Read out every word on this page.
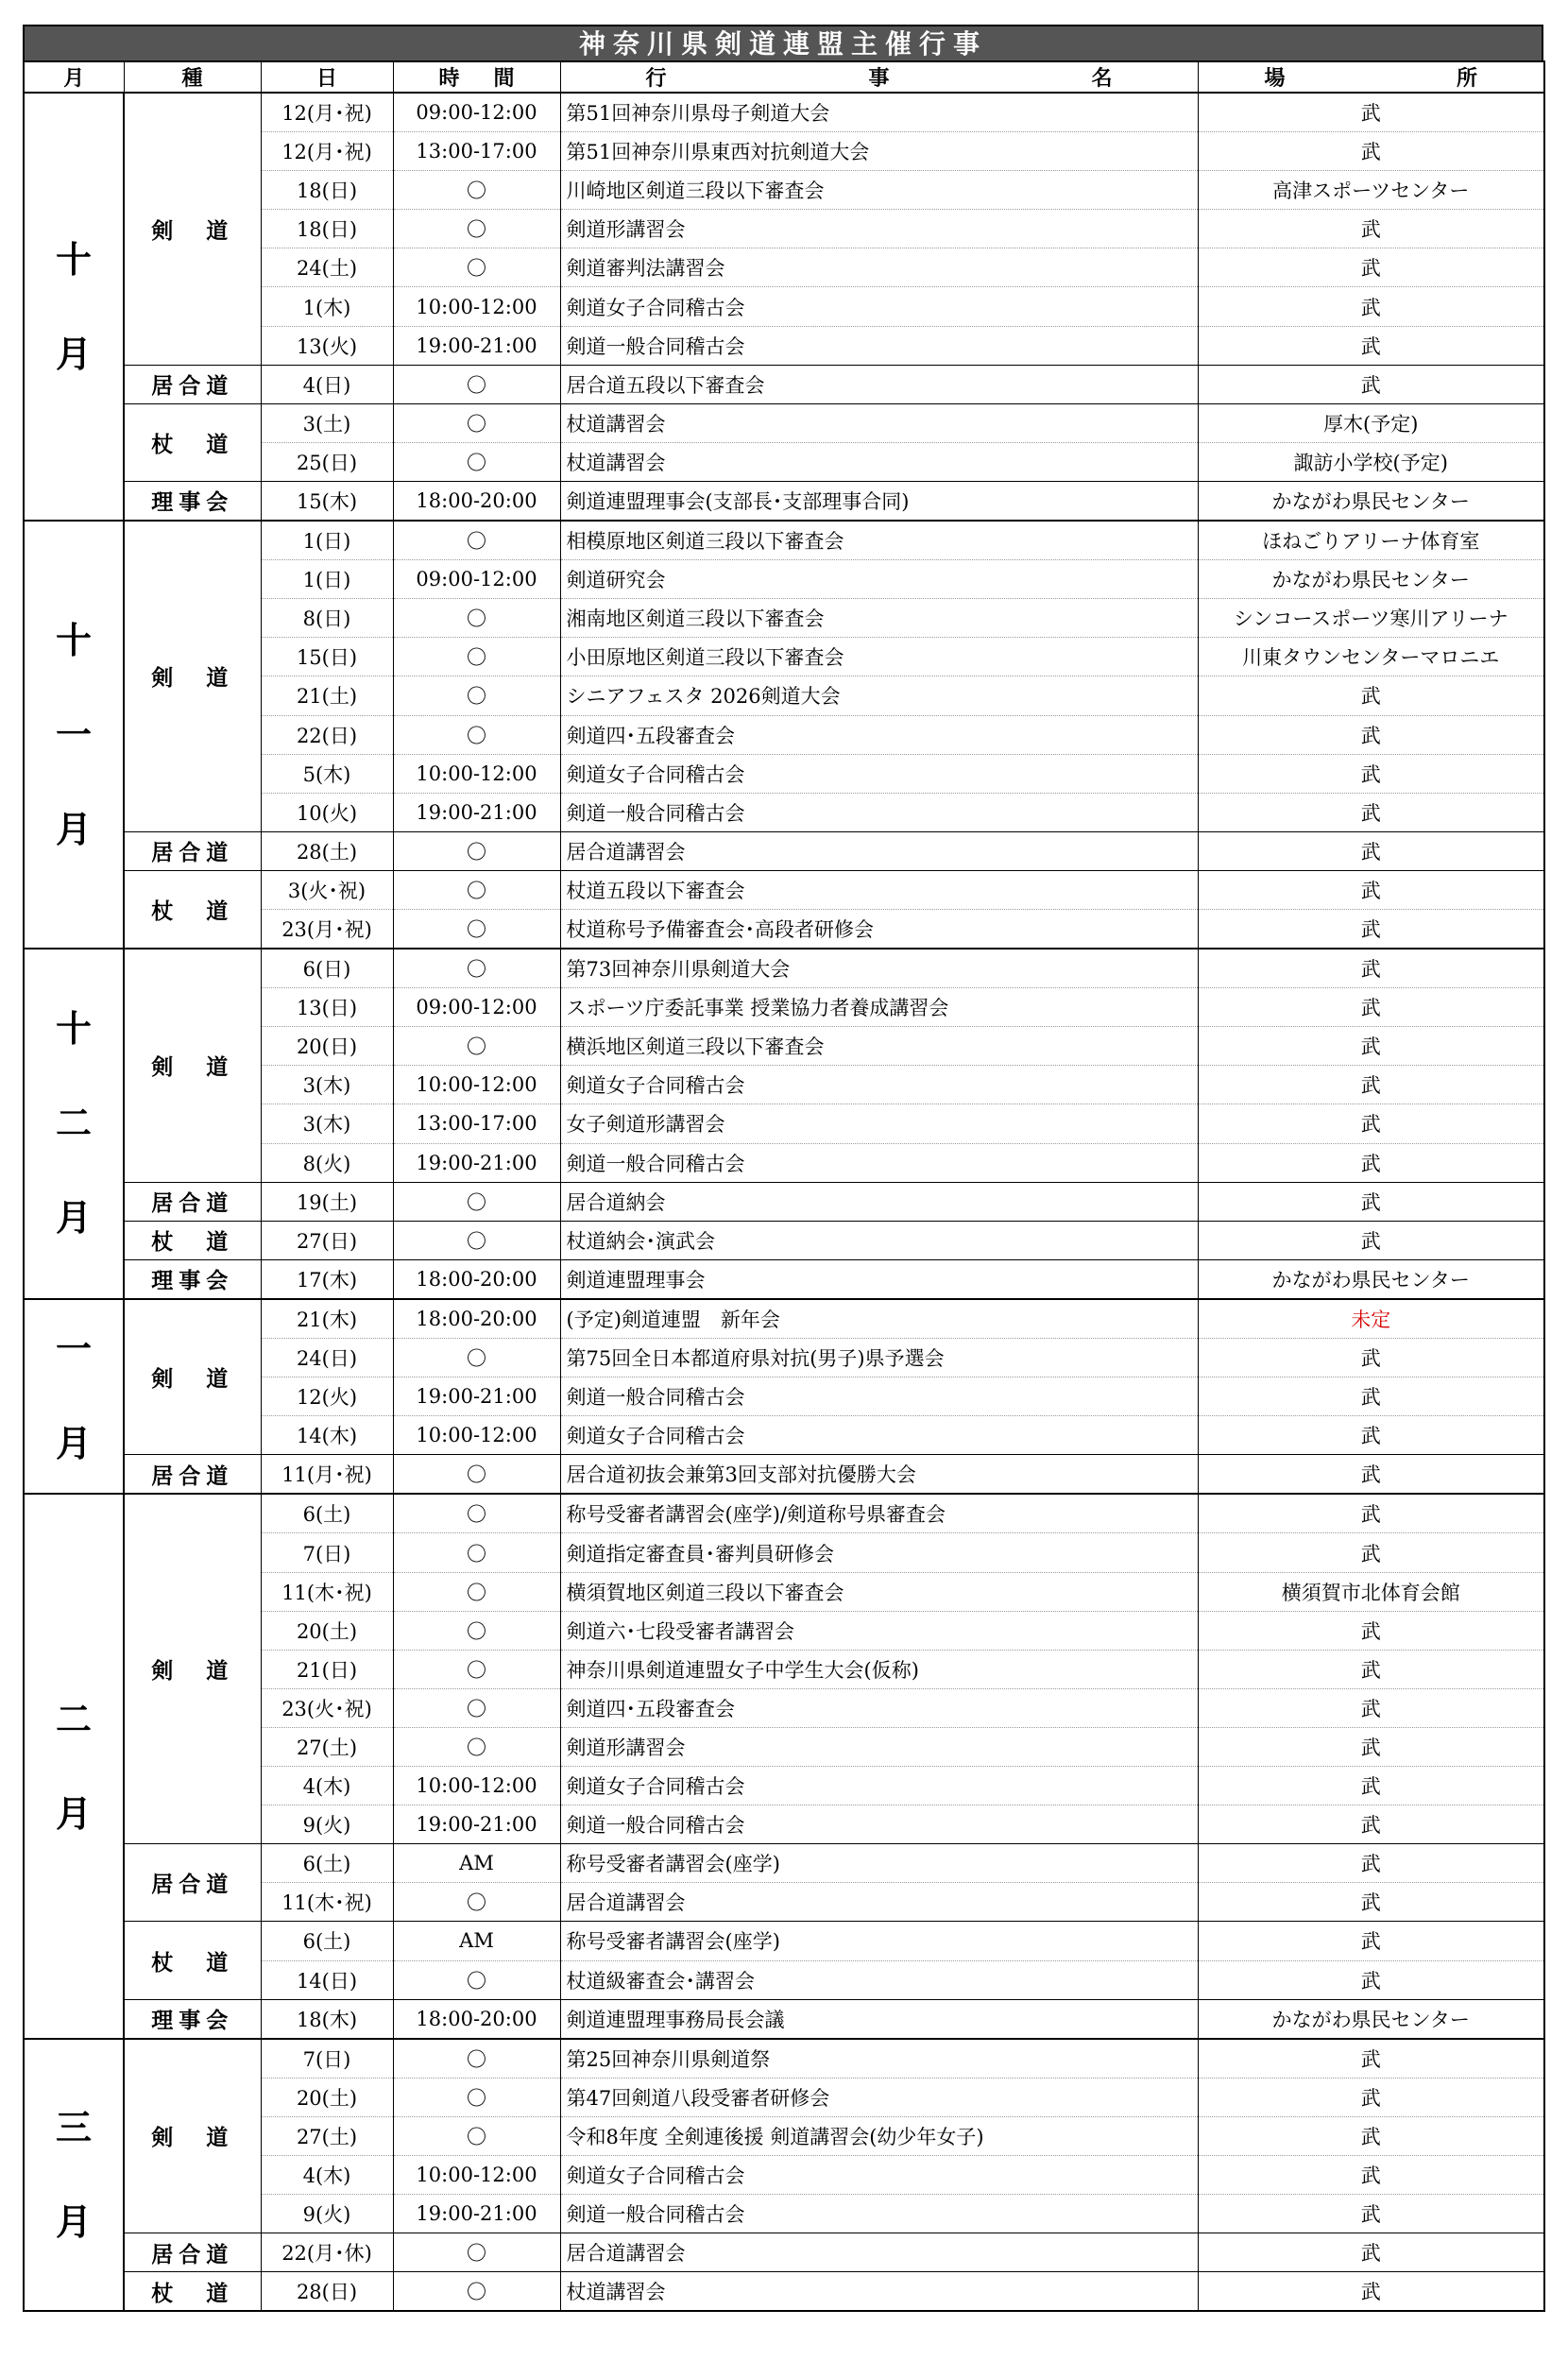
神奈川県剣道連盟主催行事
月	種	日	時 間	行 事 名	場 所

十
月	剣　道	12(月･祝)	09:00-12:00	第51回神奈川県母子剣道大会	武
		12(月･祝)	13:00-17:00	第51回神奈川県東西対抗剣道大会	武
		18(日)	〇	川崎地区剣道三段以下審査会	高津スポーツセンター
		18(日)	〇	剣道形講習会	武
		24(土)	〇	剣道審判法講習会	武
		1(木)	10:00-12:00	剣道女子合同稽古会	武
		13(火)	19:00-21:00	剣道一般合同稽古会	武
	居合道	4(日)	〇	居合道五段以下審査会	武
	杖　道	3(土)	〇	杖道講習会	厚木(予定)
		25(日)	〇	杖道講習会	諏訪小学校(予定)
	理事会	15(木)	18:00-20:00	剣道連盟理事会(支部長･支部理事合同)	かながわ県民センター

十
一
月	剣　道	1(日)	〇	相模原地区剣道三段以下審査会	ほねごりアリーナ体育室
		1(日)	09:00-12:00	剣道研究会	かながわ県民センター
		8(日)	〇	湘南地区剣道三段以下審査会	シンコースポーツ寒川アリーナ
		15(日)	〇	小田原地区剣道三段以下審査会	川東タウンセンターマロニエ
		21(土)	〇	シニアフェスタ 2026剣道大会	武
		22(日)	〇	剣道四･五段審査会	武
		5(木)	10:00-12:00	剣道女子合同稽古会	武
		10(火)	19:00-21:00	剣道一般合同稽古会	武
	居合道	28(土)	〇	居合道講習会	武
	杖　道	3(火･祝)	〇	杖道五段以下審査会	武
		23(月･祝)	〇	杖道称号予備審査会･高段者研修会	武

十
二
月	剣　道	6(日)	〇	第73回神奈川県剣道大会	武
		13(日)	09:00-12:00	スポーツ庁委託事業 授業協力者養成講習会	武
		20(日)	〇	横浜地区剣道三段以下審査会	武
		3(木)	10:00-12:00	剣道女子合同稽古会	武
		3(木)	13:00-17:00	女子剣道形講習会	武
		8(火)	19:00-21:00	剣道一般合同稽古会	武
	居合道	19(土)	〇	居合道納会	武
	杖　道	27(日)	〇	杖道納会･演武会	武
	理事会	17(木)	18:00-20:00	剣道連盟理事会	かながわ県民センター

一
月	剣　道	21(木)	18:00-20:00	(予定)剣道連盟　新年会	未定
		24(日)	〇	第75回全日本都道府県対抗(男子)県予選会	武
		12(火)	19:00-21:00	剣道一般合同稽古会	武
		14(木)	10:00-12:00	剣道女子合同稽古会	武
	居合道	11(月･祝)	〇	居合道初抜会兼第3回支部対抗優勝大会	武

二
月	剣　道	6(土)	〇	称号受審者講習会(座学)/剣道称号県審査会	武
		7(日)	〇	剣道指定審査員･審判員研修会	武
		11(木･祝)	〇	横須賀地区剣道三段以下審査会	横須賀市北体育会館
		20(土)	〇	剣道六･七段受審者講習会	武
		21(日)	〇	神奈川県剣道連盟女子中学生大会(仮称)	武
		23(火･祝)	〇	剣道四･五段審査会	武
		27(土)	〇	剣道形講習会	武
		4(木)	10:00-12:00	剣道女子合同稽古会	武
		9(火)	19:00-21:00	剣道一般合同稽古会	武
	居合道	6(土)	AM	称号受審者講習会(座学)	武
		11(木･祝)	〇	居合道講習会	武
	杖　道	6(土)	AM	称号受審者講習会(座学)	武
		14(日)	〇	杖道級審査会･講習会	武
	理事会	18(木)	18:00-20:00	剣道連盟理事務局長会議	かながわ県民センター

三
月	剣　道	7(日)	〇	第25回神奈川県剣道祭	武
		20(土)	〇	第47回剣道八段受審者研修会	武
		27(土)	〇	令和8年度 全剣連後援 剣道講習会(幼少年女子)	武
		4(木)	10:00-12:00	剣道女子合同稽古会	武
		9(火)	19:00-21:00	剣道一般合同稽古会	武
	居合道	22(月･休)	〇	居合道講習会	武
	杖　道	28(日)	〇	杖道講習会	武
